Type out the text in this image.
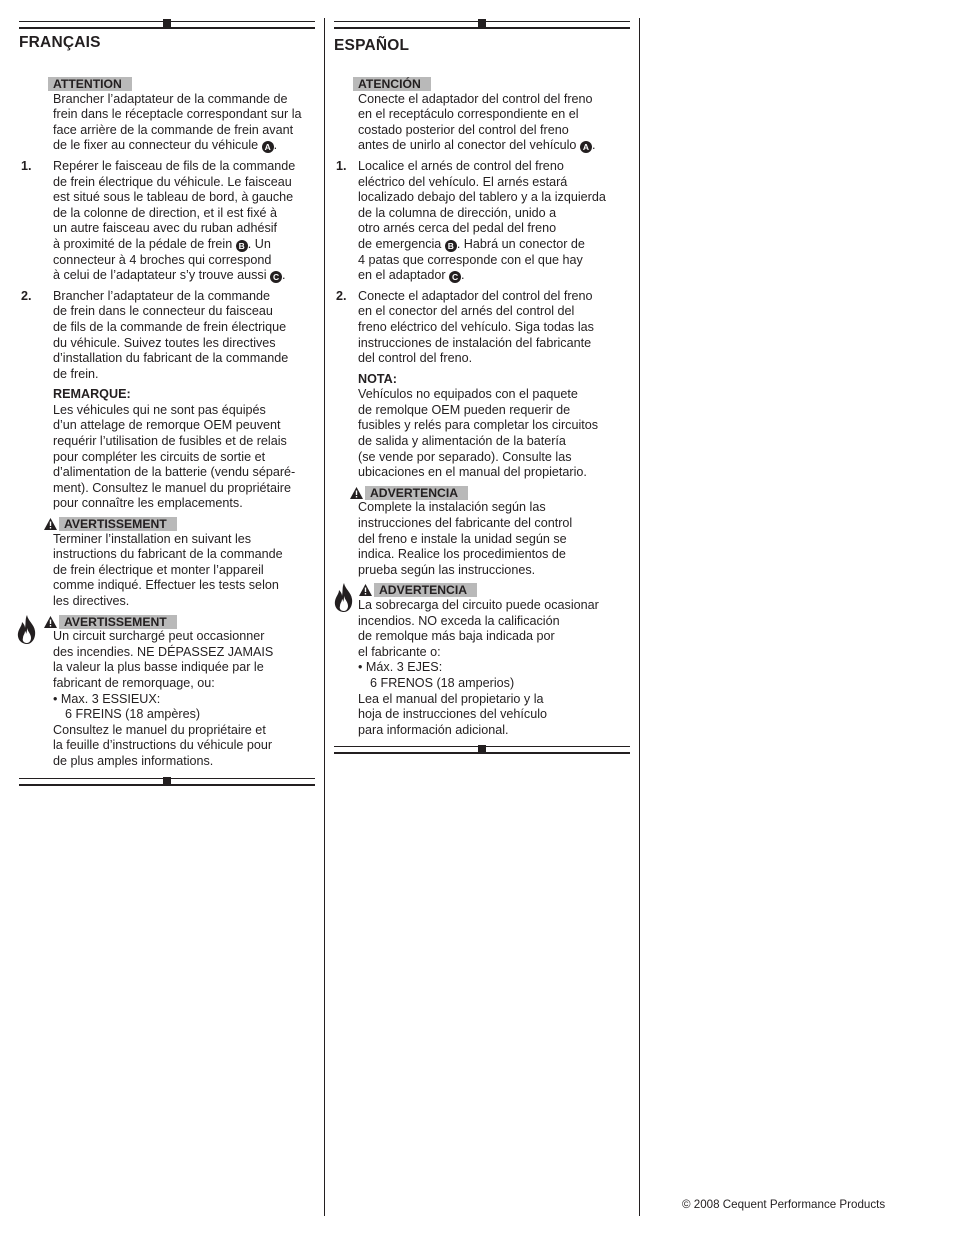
FRANÇAIS
ATTENTION
Brancher l’adaptateur de la commande de
frein dans le réceptacle correspondant sur la
face arrière de la commande de frein avant
de le fixer au connecteur du véhicule A .
1. Repérer le faisceau de fils de la commande
de frein électrique du véhicule. Le faisceau
est situé sous le tableau de bord, à gauche
de la colonne de direction, et il est fixé à
un autre faisceau avec du ruban adhésif
à proximité de la pédale de frein B . Un
connecteur à 4 broches qui correspond
à celui de l’adaptateur s’y trouve aussi C .
2. Brancher l’adaptateur de la commande
de frein dans le connecteur du faisceau
de fils de la commande de frein électrique
du véhicule. Suivez toutes les directives
d’installation du fabricant de la commande
de frein.
REMARQUE:
Les véhicules qui ne sont pas équipés
d’un attelage de remorque OEM peuvent
requérir l’utilisation de fusibles et de relais
pour compléter les circuits de sortie et
d’alimentation de la batterie (vendu séparé-
ment). Consultez le manuel du propriétaire
pour connaître les emplacements.
AVERTISSEMENT
Terminer l’installation en suivant les
instructions du fabricant de la commande
de frein électrique et monter l’appareil
comme indiqué. Effectuer les tests selon
les directives.
AVERTISSEMENT
Un circuit surchargé peut occasionner
des incendies. NE DÉPASSEZ JAMAIS
la valeur la plus basse indiquée par le
fabricant de remorquage, ou:
• Max. 3 ESSIEUX:
6 FREINS (18 ampères)
Consultez le manuel du propriétaire et
la feuille d’instructions du véhicule pour
de plus amples informations.
ESPAÑOL
ATENCIÓN
Conecte el adaptador del control del freno
en el receptáculo correspondiente en el
costado posterior del control del freno
antes de unirlo al conector del vehículo A .
1. Localice el arnés de control del freno
eléctrico del vehículo. El arnés estará
localizado debajo del tablero y a la izquierda
de la columna de dirección, unido a
otro arnés cerca del pedal del freno
de emergencia B . Habrá un conector de
4 patas que corresponde con el que hay
en el adaptador C .
2. Conecte el adaptador del control del freno
en el conector del arnés del control del
freno eléctrico del vehículo. Siga todas las
instrucciones de instalación del fabricante
del control del freno.
NOTA:
Vehículos no equipados con el paquete
de remolque OEM pueden requerir de
fusibles y relés para completar los circuitos
de salida y alimentación de la batería
(se vende por separado). Consulte las
ubicaciones en el manual del propietario.
ADVERTENCIA
Complete la instalación según las
instrucciones del fabricante del control
del freno e instale la unidad según se
indica. Realice los procedimientos de
prueba según las instrucciones.
ADVERTENCIA
La sobrecarga del circuito puede ocasionar
incendios. NO exceda la calificación
de remolque más baja indicada por
el fabricante o:
• Máx. 3 EJES:
6 FRENOS (18 amperios)
Lea el manual del propietario y la
hoja de instrucciones del vehículo
para información adicional.
© 2008 Cequent Performance Products
